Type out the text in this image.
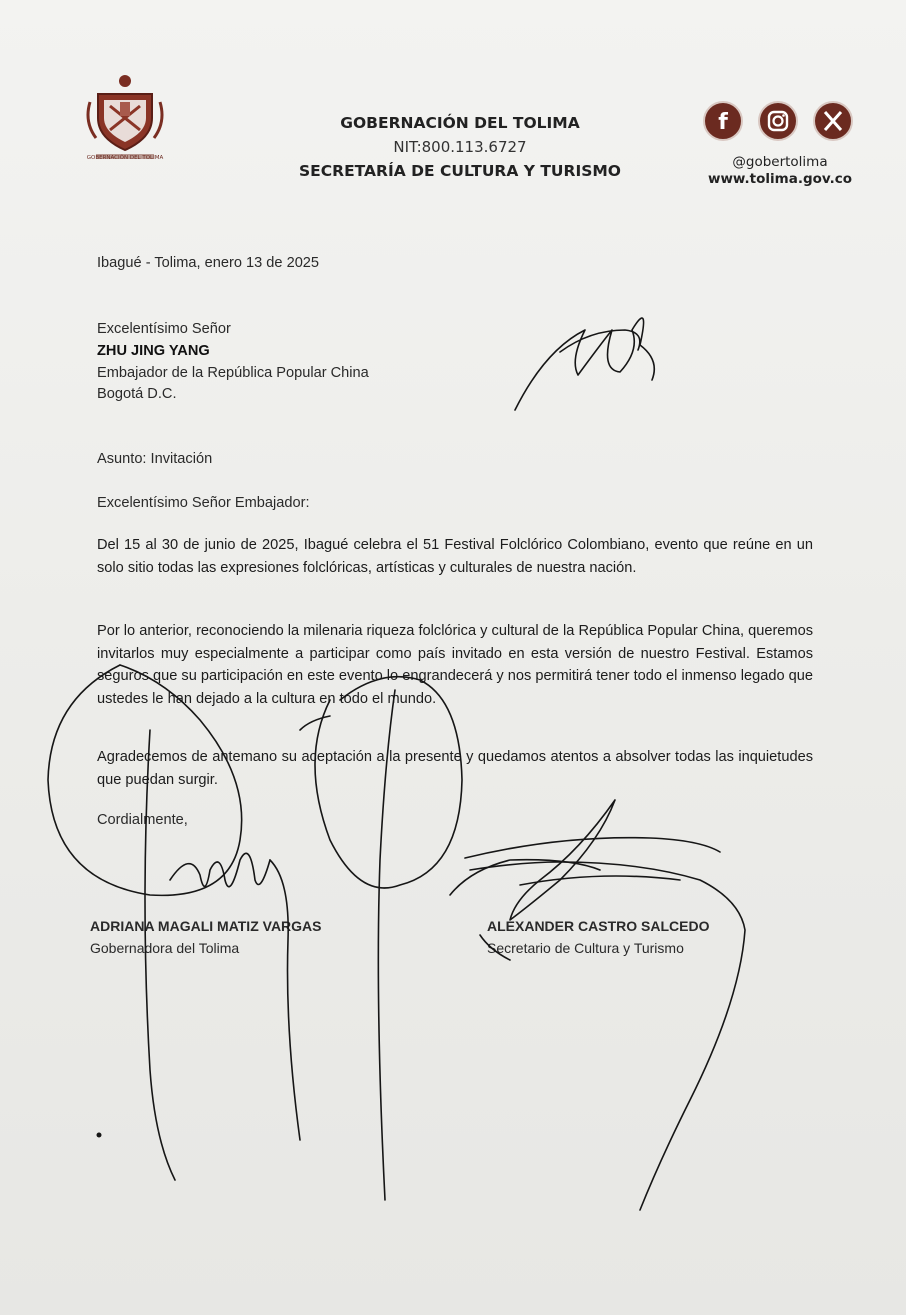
GOBERNACIÓN DEL TOLIMA
GOBERNACIÓN DEL TOLIMA
NIT:800.113.6727
SECRETARÍA DE CULTURA Y TURISMO
f
@gobertolima
www.tolima.gov.co
Ibagué - Tolima, enero 13 de 2025
Excelentísimo Señor
ZHU JING YANG
Embajador de la República Popular China
Bogotá D.C.
Asunto: Invitación
Excelentísimo Señor Embajador:
Del 15 al 30 de junio de 2025, Ibagué celebra el 51 Festival Folclórico Colombiano, evento que reúne en un solo sitio todas las expresiones folclóricas, artísticas y culturales de nuestra nación.
Por lo anterior, reconociendo la milenaria riqueza folclórica y cultural de la República Popular China, queremos invitarlos muy especialmente a participar como país invitado en esta versión de nuestro Festival. Estamos seguros que su participación en este evento lo engrandecerá y nos permitirá tener todo el inmenso legado que ustedes le han dejado a la cultura en todo el mundo.
Agradecemos de antemano su aceptación a la presente y quedamos atentos a absolver todas las inquietudes que puedan surgir.
Cordialmente,
ADRIANA MAGALI MATIZ VARGAS
Gobernadora del Tolima
ALEXANDER CASTRO SALCEDO
Secretario de Cultura y Turismo
